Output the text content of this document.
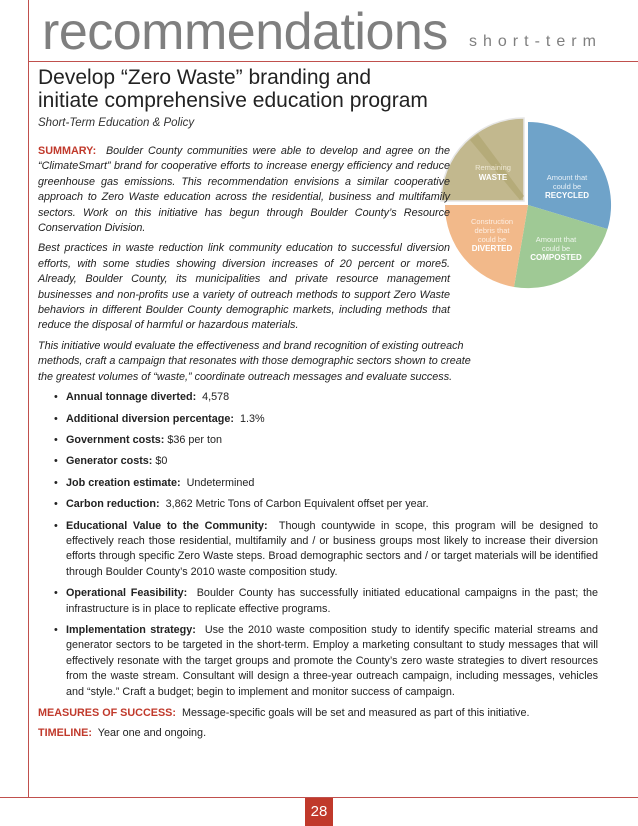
recommendations short-term
Develop “Zero Waste” branding and
initiate comprehensive education program
Short-Term Education & Policy
Remaining
WASTE	Amount that
could be
RECYCLED
Amount that
could be
COMPOSTED
Construction
debris that
could be
DIVERTED

SUMMARY: Boulder County communities were able to develop and agree on the “ClimateSmart” brand for cooperative efforts to increase energy efficiency and reduce greenhouse gas emissions. This recommendation envisions a similar cooperative approach to Zero Waste education across the residential, business and multifamily sectors. Work on this initiative has begun through Boulder County’s Resource Conservation Division.

Best practices in waste reduction link community education to successful diversion efforts, with some studies showing diversion increases of 20 percent or more5. Already, Boulder County, its municipalities and private resource management businesses and non-profits use a variety of outreach methods to support Zero Waste behaviors in different Boulder County demographic markets, including methods that reduce the disposal of harmful or hazardous materials.

This initiative would evaluate the effectiveness and brand recognition of existing outreach methods, craft a campaign that resonates with those demographic sectors shown to create the greatest volumes of “waste,” coordinate outreach messages and evaluate success.

• Annual tonnage diverted: 4,578
• Additional diversion percentage: 1.3%
• Government costs: $36 per ton
• Generator costs: $0
• Job creation estimate: Undetermined
• Carbon reduction: 3,862 Metric Tons of Carbon Equivalent offset per year.
• Educational Value to the Community: Though countywide in scope, this program will be designed to effectively reach those residential, multifamily and / or business groups most likely to increase their diversion efforts through specific Zero Waste steps. Broad demographic sectors and / or target materials will be identified through Boulder County’s 2010 waste composition study.
• Operational Feasibility: Boulder County has successfully initiated educational campaigns in the past; the infrastructure is in place to replicate effective programs.
• Implementation strategy: Use the 2010 waste composition study to identify specific material streams and generator sectors to be targeted in the short-term. Employ a marketing consultant to study messages that will effectively resonate with the target groups and promote the County’s zero waste strategies to divert resources from the waste stream. Consultant will design a three-year outreach campaign, including messages, vehicles and “style.” Craft a budget; begin to implement and monitor success of campaign.

MEASURES OF SUCCESS: Message-specific goals will be set and measured as part of this initiative.

TIMELINE: Year one and ongoing.

28
